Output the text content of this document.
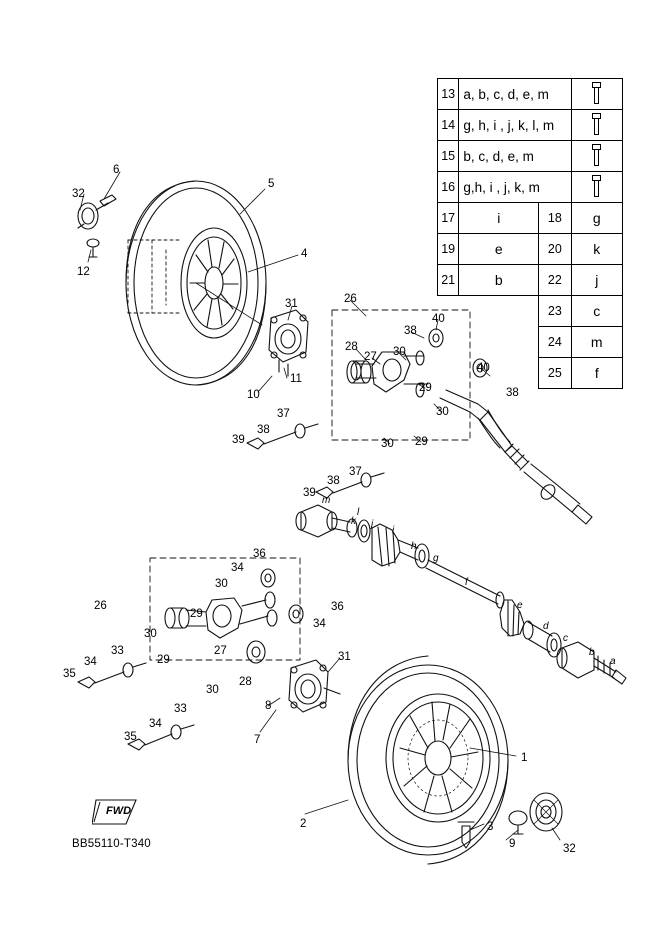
6
32
5
4
12
31	26
38
40
28
27 30
40
38
11
10
29
30
37
38
39	30 29
37
38
39
36
34
30
26
30
29
36
34
33
29
34
35
27
28
31
30
33
34
35
8
7
1
2	3
9	32
m
l
k j
i
h
g
f
e
d
c
b
a
FWD
BB55110-T340
13	a, b, c, d, e, m		

14	g, h, i , j, k, l, m		

15	b, c, d, e, m		

16	g,h, i , j, k, m		

17	i	18	g
19	e	20	k
21	b	22	j
		23	c
		24	m
		25	f
